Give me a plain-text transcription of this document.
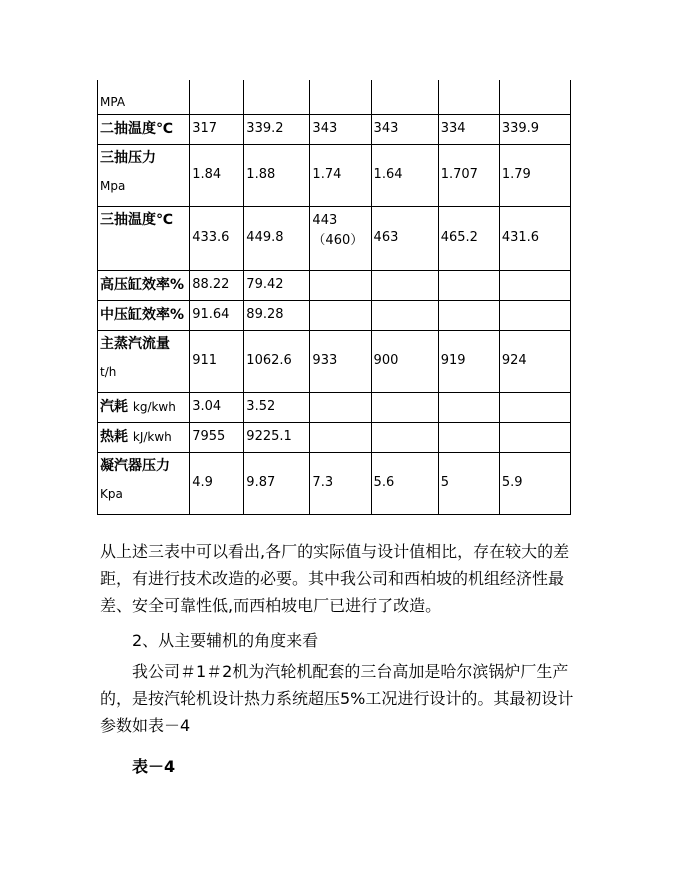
MPA						
二抽温度℃	317	339.2	343	343	334	339.9
三抽压力
Mpa	1.84	1.88	1.74	1.64	1.707	1.79
三抽温度℃	433.6	449.8	443（460）	463	465.2	431.6
高压缸效率%	88.22	79.42				
中压缸效率%	91.64	89.28				
主蒸汽流量
t/h	911	1062.6	933	900	919	924
汽耗 kg/kwh	3.04	3.52				
热耗 kJ/kwh	7955	9225.1				
凝汽器压力
Kpa	4.9	9.87	7.3	5.6	5	5.9

从上述三表中可以看出,各厂的实际值与设计值相比，存在较大的差距，有进行技术改造的必要。其中我公司和西柏坡的机组经济性最差、安全可靠性低,而西柏坡电厂已进行了改造。

2、从主要辅机的角度来看

我公司＃1＃2机为汽轮机配套的三台高加是哈尔滨锅炉厂生产的，是按汽轮机设计热力系统超压5%工况进行设计的。其最初设计参数如表－4

表－4
